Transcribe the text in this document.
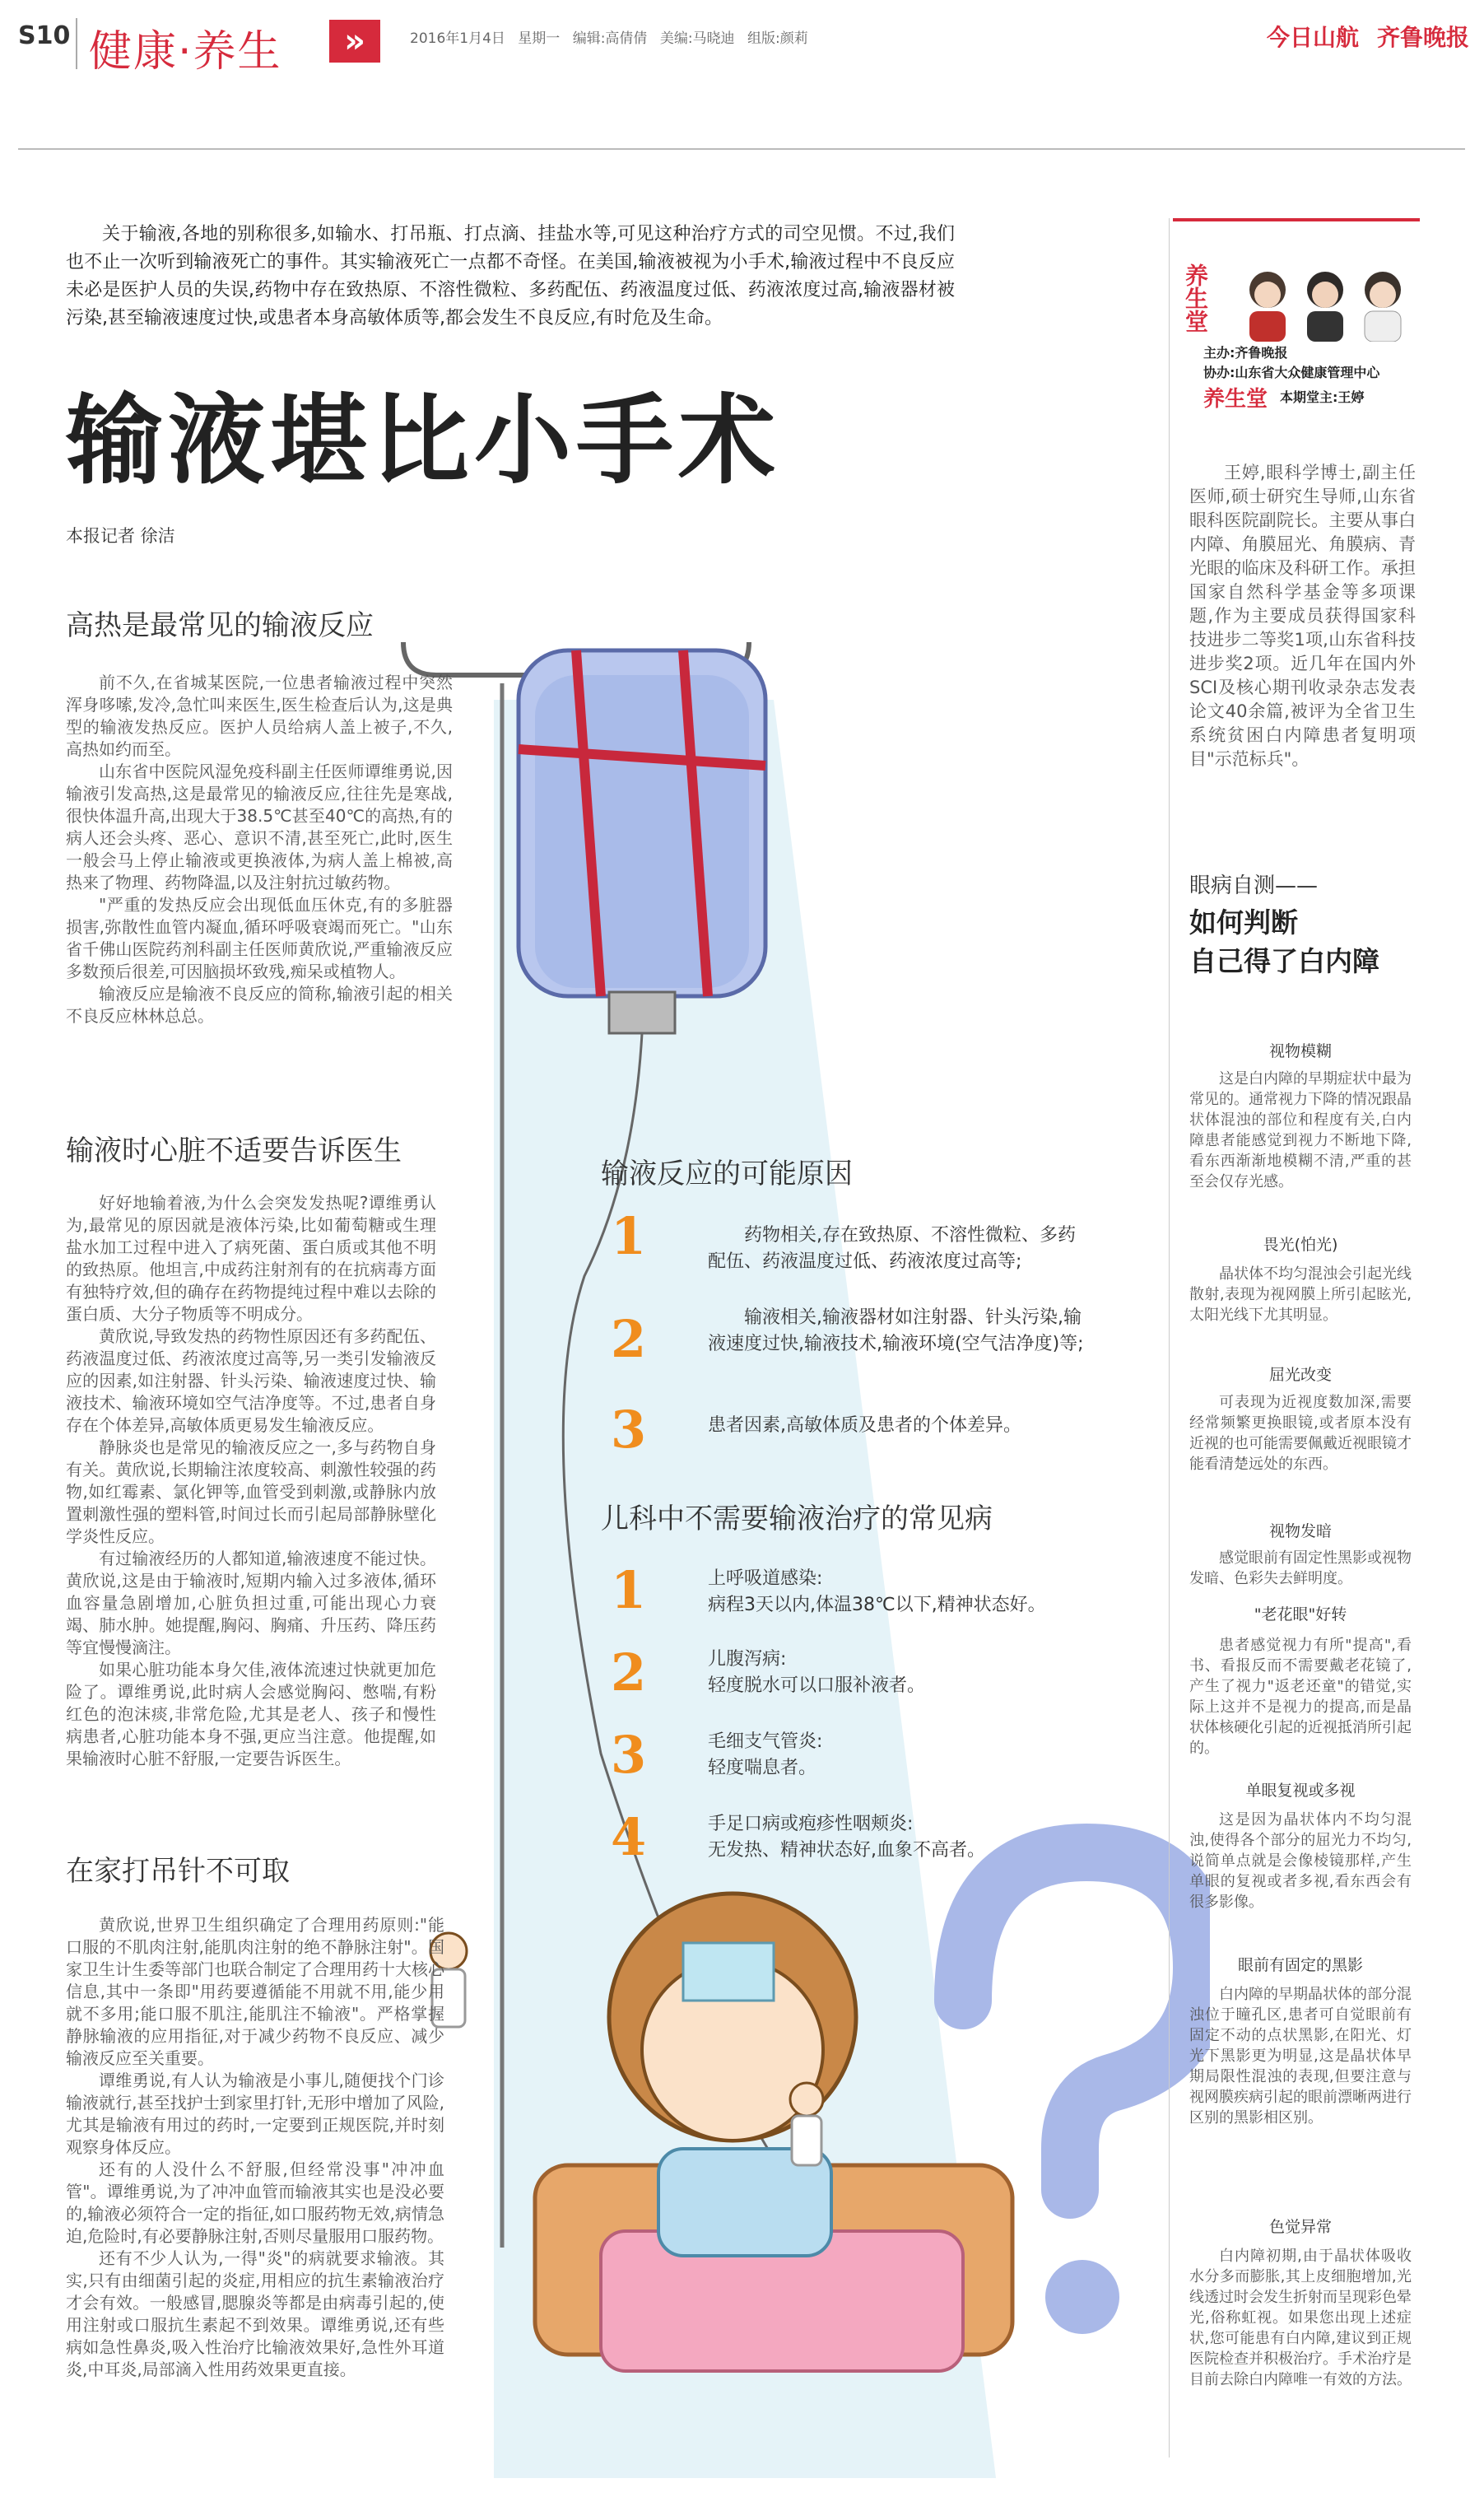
S10 健康·养生	»	2016年1月4日 星期一 编辑:高倩倩 美编:马晓迪 组版:颜莉	今日山航 齐鲁晚报
关于输液,各地的别称很多,如输水、打吊瓶、打点滴、挂盐水等,可见这种治疗方式的司空见惯。不过,我们也不止一次听到输液死亡的事件。其实输液死亡一点都不奇怪。在美国,输液被视为小手术,输液过程中不良反应未必是医护人员的失误,药物中存在致热原、不溶性微粒、多药配伍、药液温度过低、药液浓度过高,输液器材被污染,甚至输液速度过快,或患者本身高敏体质等,都会发生不良反应,有时危及生命。
输液堪比小手术
本报记者 徐洁
高热是最常见的输液反应

前不久,在省城某医院,一位患者输液过程中突然浑身哆嗦,发冷,急忙叫来医生,医生检查后认为,这是典型的输液发热反应。医护人员给病人盖上被子,不久,高热如约而至。

山东省中医院风湿免疫科副主任医师谭维勇说,因输液引发高热,这是最常见的输液反应,往往先是寒战,很快体温升高,出现大于38.5℃甚至40℃的高热,有的病人还会头疼、恶心、意识不清,甚至死亡,此时,医生一般会马上停止输液或更换液体,为病人盖上棉被,高热来了物理、药物降温,以及注射抗过敏药物。

"严重的发热反应会出现低血压休克,有的多脏器损害,弥散性血管内凝血,循环呼吸衰竭而死亡。"山东省千佛山医院药剂科副主任医师黄欣说,严重输液反应多数预后很差,可因脑损坏致残,痴呆或植物人。

输液反应是输液不良反应的简称,输液引起的相关不良反应林林总总。

输液时心脏不适要告诉医生

好好地输着液,为什么会突发发热呢?谭维勇认为,最常见的原因就是液体污染,比如葡萄糖或生理盐水加工过程中进入了病死菌、蛋白质或其他不明的致热原。他坦言,中成药注射剂有的在抗病毒方面有独特疗效,但的确存在药物提纯过程中难以去除的蛋白质、大分子物质等不明成分。

黄欣说,导致发热的药物性原因还有多药配伍、药液温度过低、药液浓度过高等,另一类引发输液反应的因素,如注射器、针头污染、输液速度过快、输液技术、输液环境如空气洁净度等。不过,患者自身存在个体差异,高敏体质更易发生输液反应。

静脉炎也是常见的输液反应之一,多与药物自身有关。黄欣说,长期输注浓度较高、刺激性较强的药物,如红霉素、氯化钾等,血管受到刺激,或静脉内放置刺激性强的塑料管,时间过长而引起局部静脉壁化学炎性反应。

有过输液经历的人都知道,输液速度不能过快。黄欣说,这是由于输液时,短期内输入过多液体,循环血容量急剧增加,心脏负担过重,可能出现心力衰竭、肺水肿。她提醒,胸闷、胸痛、升压药、降压药等宜慢慢滴注。

如果心脏功能本身欠佳,液体流速过快就更加危险了。谭维勇说,此时病人会感觉胸闷、憋喘,有粉红色的泡沫痰,非常危险,尤其是老人、孩子和慢性病患者,心脏功能本身不强,更应当注意。他提醒,如果输液时心脏不舒服,一定要告诉医生。

在家打吊针不可取

黄欣说,世界卫生组织确定了合理用药原则:"能口服的不肌肉注射,能肌肉注射的绝不静脉注射"。国家卫生计生委等部门也联合制定了合理用药十大核心信息,其中一条即"用药要遵循能不用就不用,能少用就不多用;能口服不肌注,能肌注不输液"。严格掌握静脉输液的应用指征,对于减少药物不良反应、减少输液反应至关重要。

谭维勇说,有人认为输液是小事儿,随便找个门诊输液就行,甚至找护士到家里打针,无形中增加了风险,尤其是输液有用过的药时,一定要到正规医院,并时刻观察身体反应。

还有的人没什么不舒服,但经常没事"冲冲血管"。谭维勇说,为了冲冲血管而输液其实也是没必要的,输液必须符合一定的指征,如口服药物无效,病情急迫,危险时,有必要静脉注射,否则尽量服用口服药物。

还有不少人认为,一得"炎"的病就要求输液。其实,只有由细菌引起的炎症,用相应的抗生素输液治疗才会有效。一般感冒,腮腺炎等都是由病毒引起的,使用注射或口服抗生素起不到效果。谭维勇说,还有些病如急性鼻炎,吸入性治疗比输液效果好,急性外耳道炎,中耳炎,局部滴入性用药效果更直接。

输液反应的可能原因
1	药物相关,存在致热原、不溶性微粒、多药配伍、药液温度过低、药液浓度过高等;
2	输液相关,输液器材如注射器、针头污染,输液速度过快,输液技术,输液环境(空气洁净度)等;
3	患者因素,高敏体质及患者的个体差异。
儿科中不需要输液治疗的常见病
1	上呼吸道感染:
病程3天以内,体温38℃以下,精神状态好。
2	儿腹泻病:
轻度脱水可以口服补液者。
3	毛细支气管炎:
轻度喘息者。
4	手足口病或疱疹性咽颊炎:
无发热、精神状态好,血象不高者。
养生堂
主办:齐鲁晚报
协办:山东省大众健康管理中心
养生堂 本期堂主:王婷
王婷,眼科学博士,副主任医师,硕士研究生导师,山东省眼科医院副院长。主要从事白内障、角膜屈光、角膜病、青光眼的临床及科研工作。承担国家自然科学基金等多项课题,作为主要成员获得国家科技进步二等奖1项,山东省科技进步奖2项。近几年在国内外SCI及核心期刊收录杂志发表论文40余篇,被评为全省卫生系统贫困白内障患者复明项目"示范标兵"。
眼病自测——
如何判断
自己得了白内障
视物模糊
这是白内障的早期症状中最为常见的。通常视力下降的情况跟晶状体混浊的部位和程度有关,白内障患者能感觉到视力不断地下降,看东西渐渐地模糊不清,严重的甚至会仅存光感。
畏光(怕光)
晶状体不均匀混浊会引起光线散射,表现为视网膜上所引起眩光,太阳光线下尤其明显。
屈光改变
可表现为近视度数加深,需要经常频繁更换眼镜,或者原本没有近视的也可能需要佩戴近视眼镜才能看清楚远处的东西。
视物发暗
感觉眼前有固定性黑影或视物发暗、色彩失去鲜明度。
"老花眼"好转
患者感觉视力有所"提高",看书、看报反而不需要戴老花镜了,产生了视力"返老还童"的错觉,实际上这并不是视力的提高,而是晶状体核硬化引起的近视抵消所引起的。
单眼复视或多视
这是因为晶状体内不均匀混浊,使得各个部分的屈光力不均匀,说简单点就是会像棱镜那样,产生单眼的复视或者多视,看东西会有很多影像。
眼前有固定的黑影
白内障的早期晶状体的部分混浊位于瞳孔区,患者可自觉眼前有固定不动的点状黑影,在阳光、灯光下黑影更为明显,这是晶状体早期局限性混浊的表现,但要注意与视网膜疾病引起的眼前漂晰两进行区别的黑影相区别。
色觉异常
白内障初期,由于晶状体吸收水分多而膨胀,其上皮细胞增加,光线透过时会发生折射而呈现彩色晕光,俗称虹视。如果您出现上述症状,您可能患有白内障,建议到正规医院检查并积极治疗。手术治疗是目前去除白内障唯一有效的方法。
